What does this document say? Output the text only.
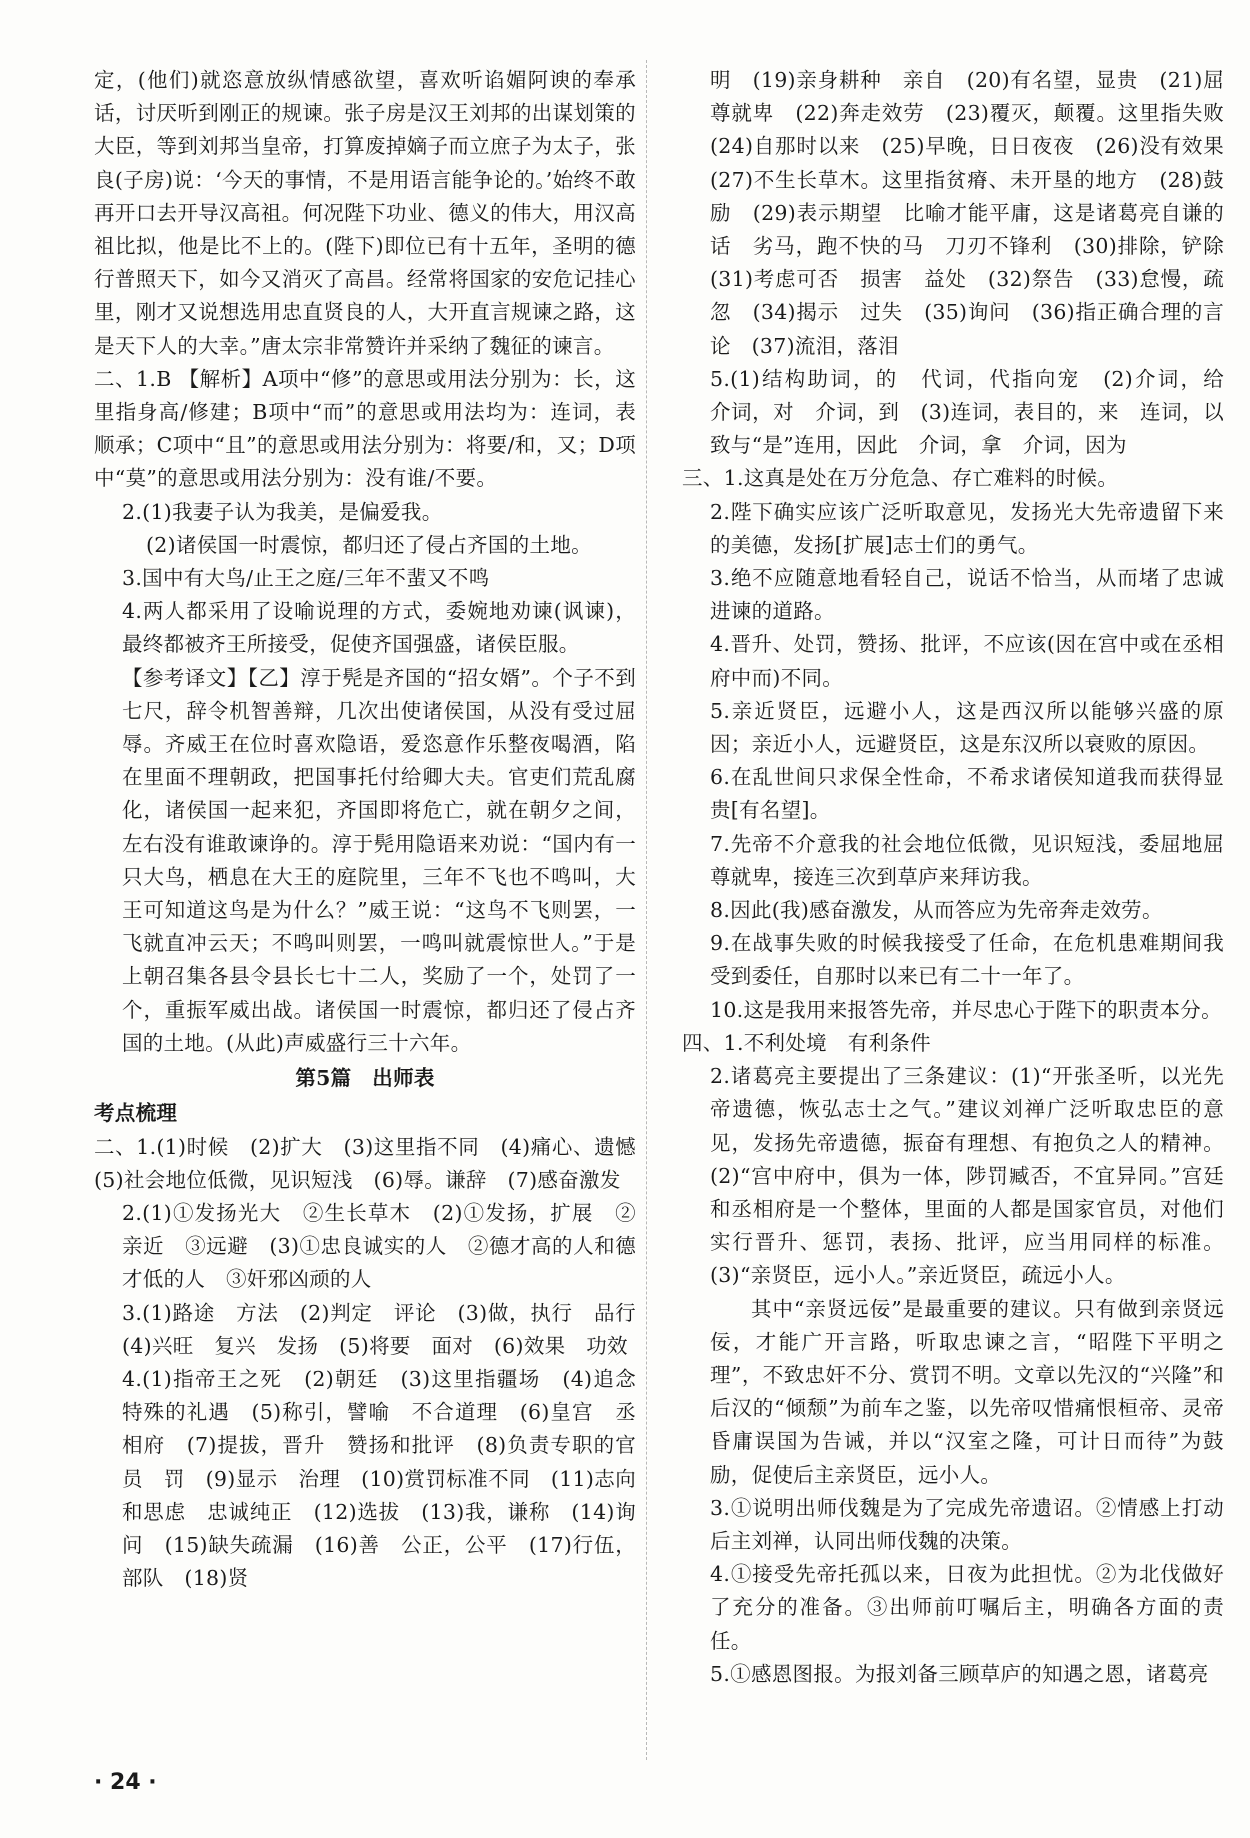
定，(他们)就恣意放纵情感欲望，喜欢听谄媚阿谀的奉承话，讨厌听到刚正的规谏。张子房是汉王刘邦的出谋划策的大臣，等到刘邦当皇帝，打算废掉嫡子而立庶子为太子，张良(子房)说：‘今天的事情，不是用语言能争论的。’始终不敢再开口去开导汉高祖。何况陛下功业、德义的伟大，用汉高祖比拟，他是比不上的。(陛下)即位已有十五年，圣明的德行普照天下，如今又消灭了高昌。经常将国家的安危记挂心里，刚才又说想选用忠直贤良的人，大开直言规谏之路，这是天下人的大幸。”唐太宗非常赞许并采纳了魏征的谏言。

二、1.B 【解析】A项中“修”的意思或用法分别为：长，这里指身高/修建；B项中“而”的意思或用法均为：连词，表顺承；C项中“且”的意思或用法分别为：将要/和，又；D项中“莫”的意思或用法分别为：没有谁/不要。

2.(1)我妻子认为我美，是偏爱我。

(2)诸侯国一时震惊，都归还了侵占齐国的土地。

3.国中有大鸟/止王之庭/三年不蜚又不鸣

4.两人都采用了设喻说理的方式，委婉地劝谏(讽谏)，最终都被齐王所接受，促使齐国强盛，诸侯臣服。

【参考译文】【乙】淳于髡是齐国的“招女婿”。个子不到七尺，辞令机智善辩，几次出使诸侯国，从没有受过屈辱。齐威王在位时喜欢隐语，爱恣意作乐整夜喝酒，陷在里面不理朝政，把国事托付给卿大夫。官吏们荒乱腐化，诸侯国一起来犯，齐国即将危亡，就在朝夕之间，左右没有谁敢谏诤的。淳于髡用隐语来劝说：“国内有一只大鸟，栖息在大王的庭院里，三年不飞也不鸣叫，大王可知道这鸟是为什么？”威王说：“这鸟不飞则罢，一飞就直冲云天；不鸣叫则罢，一鸣叫就震惊世人。”于是上朝召集各县令县长七十二人，奖励了一个，处罚了一个，重振军威出战。诸侯国一时震惊，都归还了侵占齐国的土地。(从此)声威盛行三十六年。

第5篇　出师表

考点梳理

二、1.(1)时候　(2)扩大　(3)这里指不同　(4)痛心、遗憾　(5)社会地位低微，见识短浅　(6)辱。谦辞　(7)感奋激发

2.(1)①发扬光大　②生长草木　(2)①发扬，扩展　②亲近　③远避　(3)①忠良诚实的人　②德才高的人和德才低的人　③奸邪凶顽的人

3.(1)路途　方法　(2)判定　评论　(3)做，执行　品行　(4)兴旺　复兴　发扬　(5)将要　面对　(6)效果　功效

4.(1)指帝王之死　(2)朝廷　(3)这里指疆场　(4)追念　特殊的礼遇　(5)称引，譬喻　不合道理　(6)皇宫　丞相府　(7)提拔，晋升　赞扬和批评　(8)负责专职的官员　罚　(9)显示　治理　(10)赏罚标准不同　(11)志向和思虑　忠诚纯正　(12)选拔　(13)我，谦称　(14)询问　(15)缺失疏漏　(16)善　公正，公平　(17)行伍，部队　(18)贤

明　(19)亲身耕种　亲自　(20)有名望，显贵　(21)屈尊就卑　(22)奔走效劳　(23)覆灭，颠覆。这里指失败　(24)自那时以来　(25)早晚，日日夜夜　(26)没有效果　(27)不生长草木。这里指贫瘠、未开垦的地方　(28)鼓励　(29)表示期望　比喻才能平庸，这是诸葛亮自谦的话　劣马，跑不快的马　刀刃不锋利　(30)排除，铲除　(31)考虑可否　损害　益处　(32)祭告　(33)怠慢，疏忽　(34)揭示　过失　(35)询问　(36)指正确合理的言论　(37)流泪，落泪

5.(1)结构助词，的　代词，代指向宠　(2)介词，给　介词，对　介词，到　(3)连词，表目的，来　连词，以致与“是”连用，因此　介词，拿　介词，因为

三、1.这真是处在万分危急、存亡难料的时候。

2.陛下确实应该广泛听取意见，发扬光大先帝遗留下来的美德，发扬[扩展]志士们的勇气。

3.绝不应随意地看轻自己，说话不恰当，从而堵了忠诚进谏的道路。

4.晋升、处罚，赞扬、批评，不应该(因在宫中或在丞相府中而)不同。

5.亲近贤臣，远避小人，这是西汉所以能够兴盛的原因；亲近小人，远避贤臣，这是东汉所以衰败的原因。

6.在乱世间只求保全性命，不希求诸侯知道我而获得显贵[有名望]。

7.先帝不介意我的社会地位低微，见识短浅，委屈地屈尊就卑，接连三次到草庐来拜访我。

8.因此(我)感奋激发，从而答应为先帝奔走效劳。

9.在战事失败的时候我接受了任命，在危机患难期间我受到委任，自那时以来已有二十一年了。

10.这是我用来报答先帝，并尽忠心于陛下的职责本分。

四、1.不利处境　有利条件

2.诸葛亮主要提出了三条建议：(1)“开张圣听，以光先帝遗德，恢弘志士之气。”建议刘禅广泛听取忠臣的意见，发扬先帝遗德，振奋有理想、有抱负之人的精神。(2)“宫中府中，俱为一体，陟罚臧否，不宜异同。”宫廷和丞相府是一个整体，里面的人都是国家官员，对他们实行晋升、惩罚，表扬、批评，应当用同样的标准。(3)“亲贤臣，远小人。”亲近贤臣，疏远小人。

其中“亲贤远佞”是最重要的建议。只有做到亲贤远佞，才能广开言路，听取忠谏之言，“昭陛下平明之理”，不致忠奸不分、赏罚不明。文章以先汉的“兴隆”和后汉的“倾颓”为前车之鉴，以先帝叹惜痛恨桓帝、灵帝昏庸误国为告诫，并以“汉室之隆，可计日而待”为鼓励，促使后主亲贤臣，远小人。

3.①说明出师伐魏是为了完成先帝遗诏。②情感上打动后主刘禅，认同出师伐魏的决策。

4.①接受先帝托孤以来，日夜为此担忧。②为北伐做好了充分的准备。③出师前叮嘱后主，明确各方面的责任。

5.①感恩图报。为报刘备三顾草庐的知遇之恩，诸葛亮

· 24 ·
